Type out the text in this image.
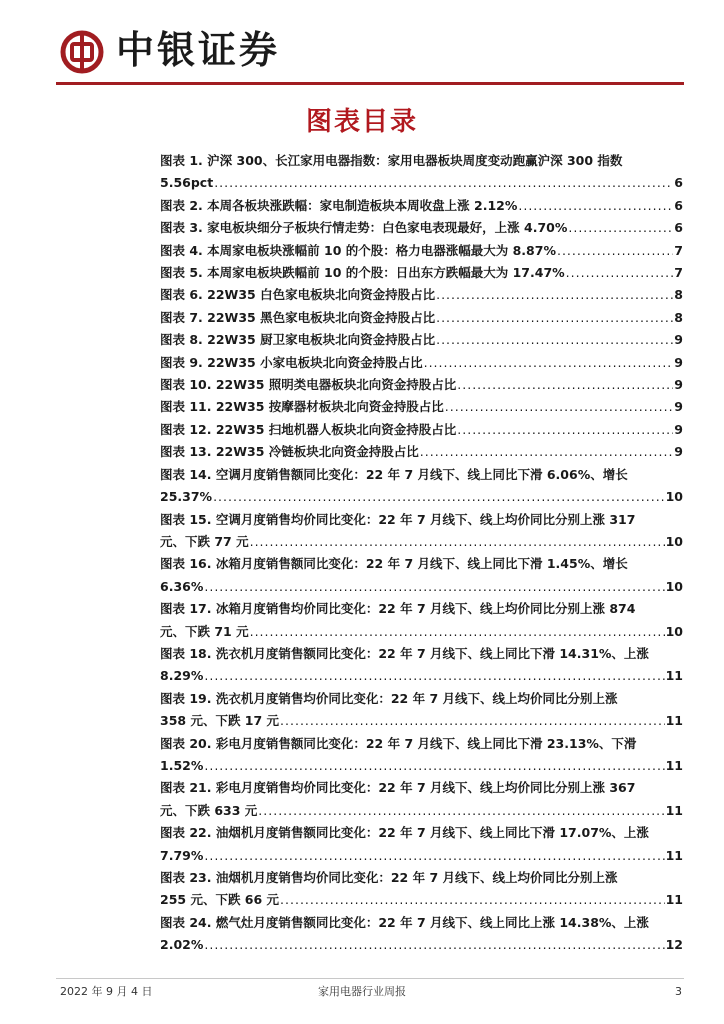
中银证券
图表目录
图表 1. 沪深 300、长江家用电器指数：家用电器板块周度变动跑赢沪深 300 指数
5.56pct .....	6
图表 2. 本周各板块涨跌幅：家电制造板块本周收盘上涨 2.12% .....	6
图表 3. 家电板块细分子板块行情走势：白色家电表现最好，上涨 4.70% .....	6
图表 4. 本周家电板块涨幅前 10 的个股：格力电器涨幅最大为 8.87% .....	7
图表 5. 本周家电板块跌幅前 10 的个股：日出东方跌幅最大为 17.47% .....	7
图表 6. 22W35 白色家电板块北向资金持股占比 .....	8
图表 7. 22W35 黑色家电板块北向资金持股占比 .....	8
图表 8. 22W35 厨卫家电板块北向资金持股占比 .....	9
图表 9. 22W35 小家电板块北向资金持股占比 .....	9
图表 10. 22W35 照明类电器板块北向资金持股占比 .....	9
图表 11. 22W35 按摩器材板块北向资金持股占比 .....	9
图表 12. 22W35 扫地机器人板块北向资金持股占比 .....	9
图表 13. 22W35 冷链板块北向资金持股占比 .....	9
图表 14. 空调月度销售额同比变化：22 年 7 月线下、线上同比下滑 6.06%、增长
25.37% .....	10
图表 15. 空调月度销售均价同比变化：22 年 7 月线下、线上均价同比分别上涨 317
元、下跌 77 元 .....	10
图表 16. 冰箱月度销售额同比变化：22 年 7 月线下、线上同比下滑 1.45%、增长
6.36% .....	10
图表 17. 冰箱月度销售均价同比变化：22 年 7 月线下、线上均价同比分别上涨 874
元、下跌 71 元 .....	10
图表 18. 洗衣机月度销售额同比变化：22 年 7 月线下、线上同比下滑 14.31%、上涨
8.29% .....	11
图表 19. 洗衣机月度销售均价同比变化：22 年 7 月线下、线上均价同比分别上涨
358 元、下跌 17 元 .....	11
图表 20. 彩电月度销售额同比变化：22 年 7 月线下、线上同比下滑 23.13%、下滑
1.52% .....	11
图表 21. 彩电月度销售均价同比变化：22 年 7 月线下、线上均价同比分别上涨 367
元、下跌 633 元 .....	11
图表 22. 油烟机月度销售额同比变化：22 年 7 月线下、线上同比下滑 17.07%、上涨
7.79% .....	11
图表 23. 油烟机月度销售均价同比变化：22 年 7 月线下、线上均价同比分别上涨
255 元、下跌 66 元 .....	11
图表 24. 燃气灶月度销售额同比变化：22 年 7 月线下、线上同比上涨 14.38%、上涨
2.02% .....	12
2022 年 9 月 4 日	家用电器行业周报	3
